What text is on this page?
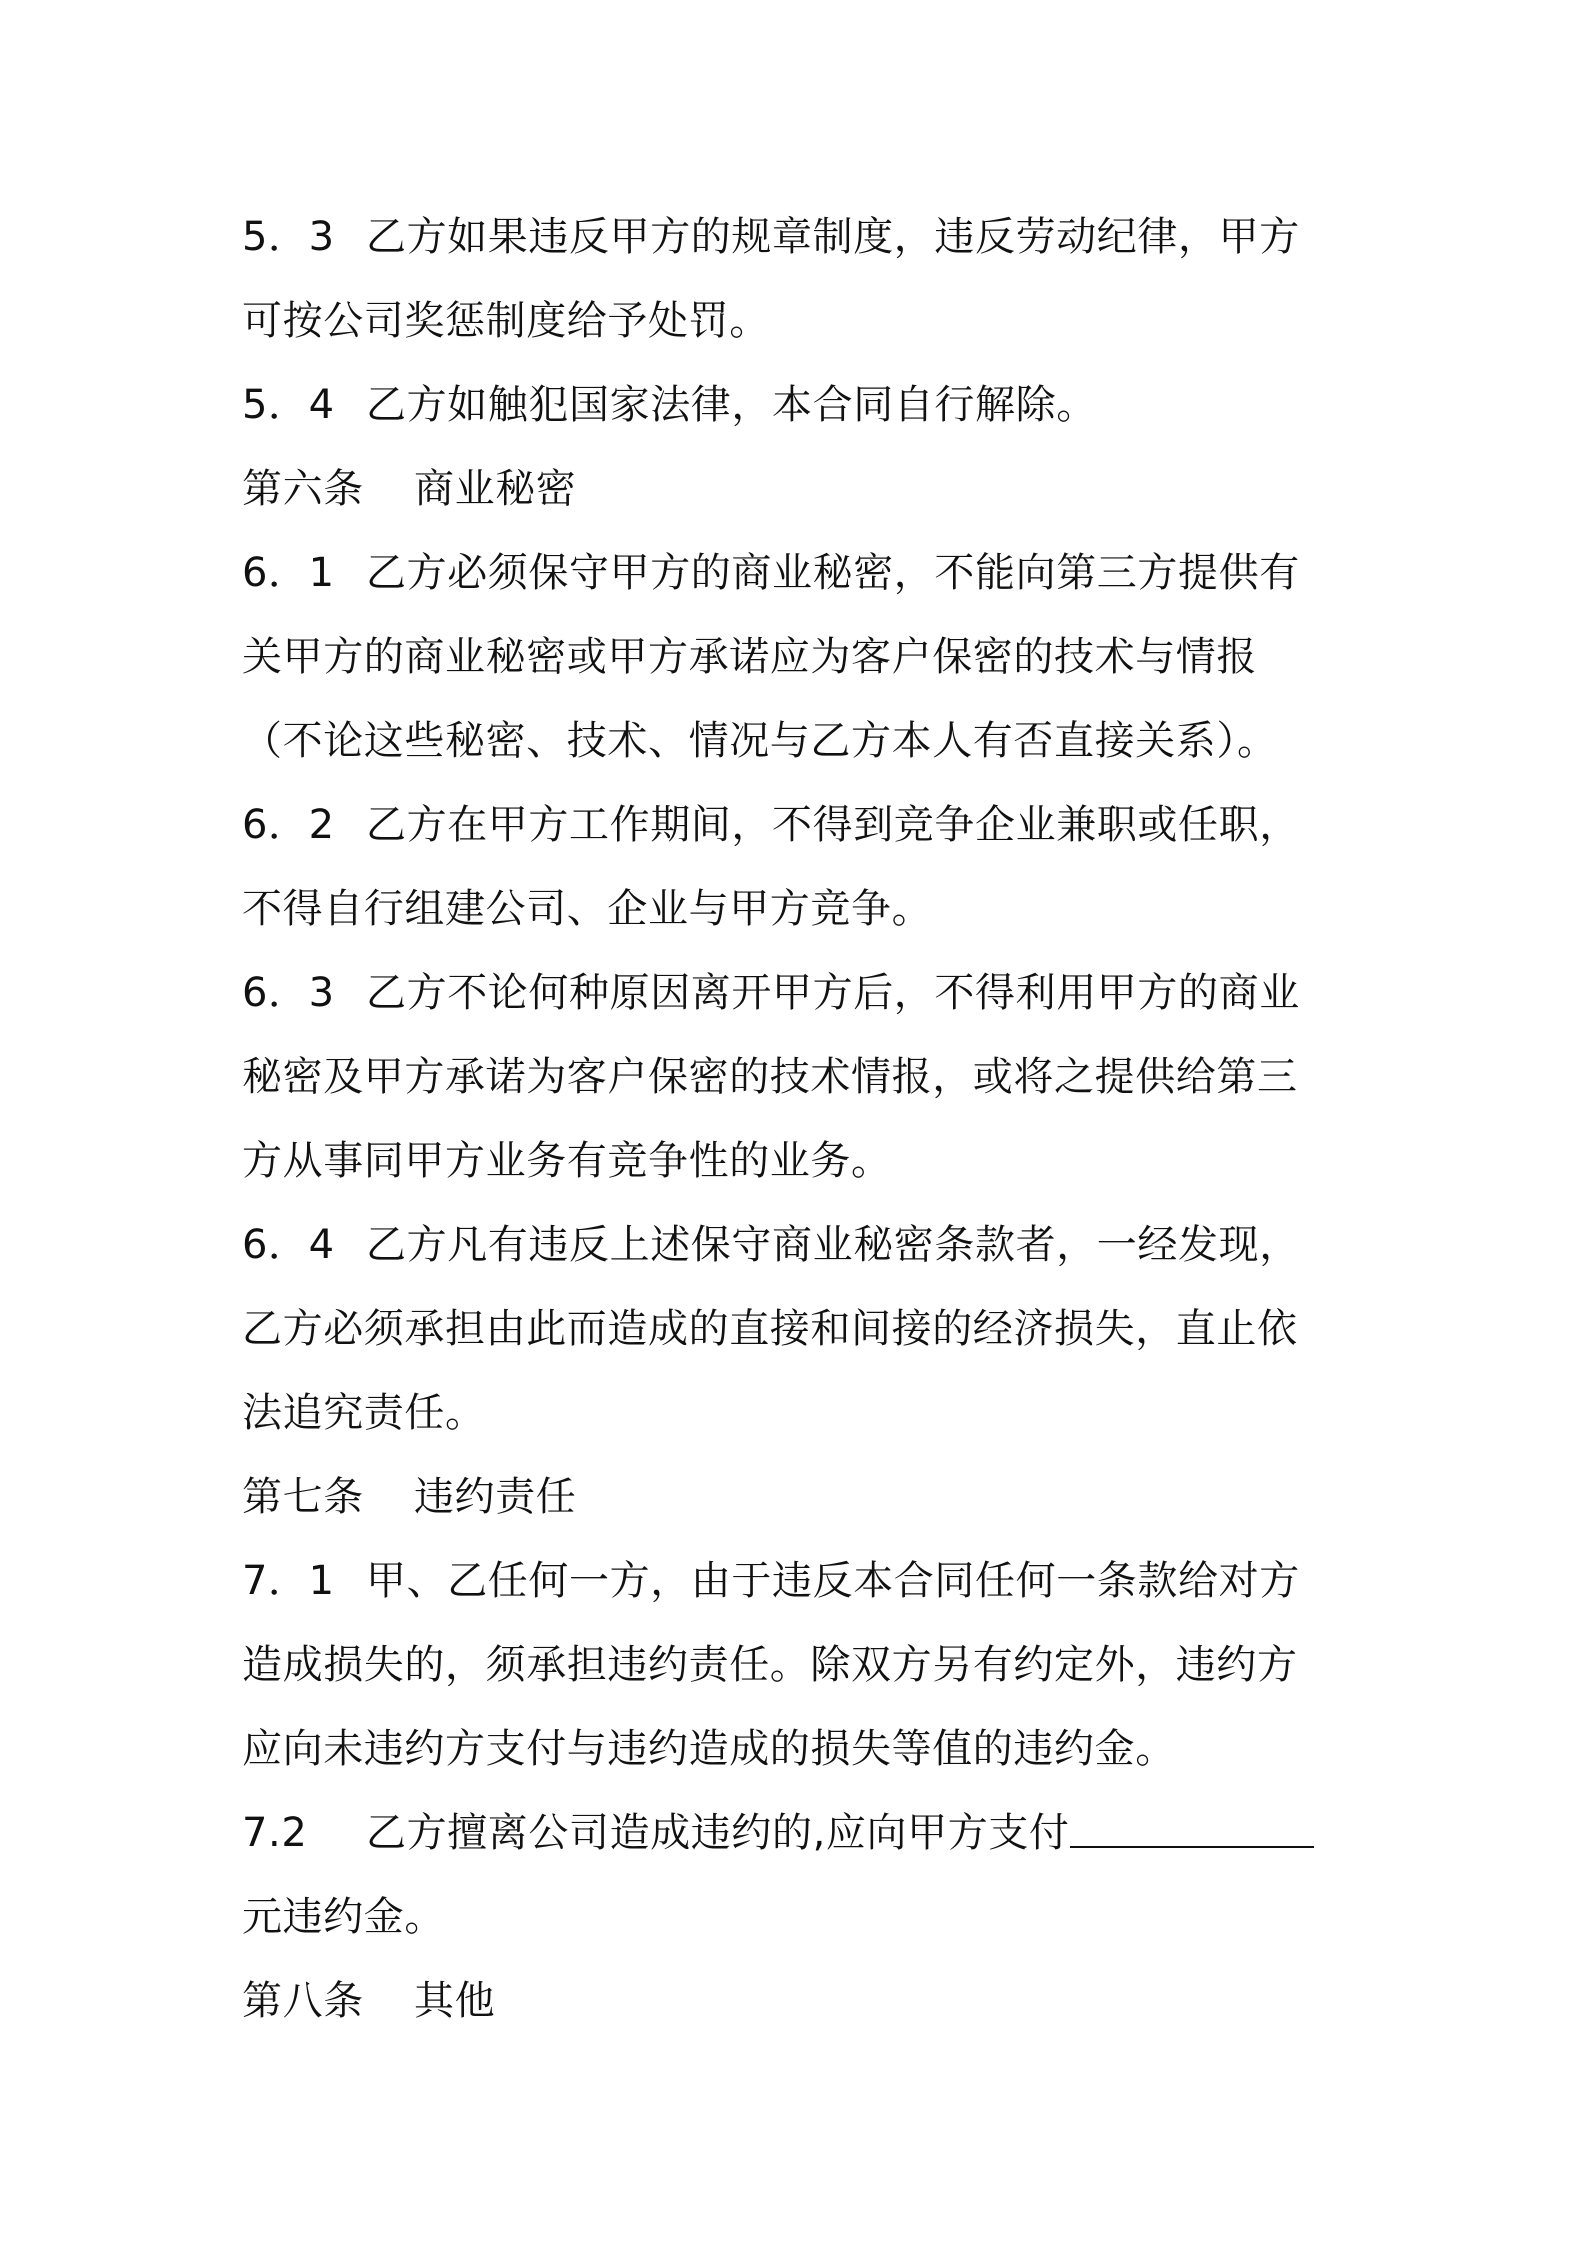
5．3 乙方如果违反甲方的规章制度，违反劳动纪律，甲方
可按公司奖惩制度给予处罚。
5．4 乙方如触犯国家法律，本合同自行解除。
第六条 商业秘密
6．1 乙方必须保守甲方的商业秘密，不能向第三方提供有
关甲方的商业秘密或甲方承诺应为客户保密的技术与情报
（不论这些秘密、技术、情况与乙方本人有否直接关系）。
6．2 乙方在甲方工作期间，不得到竞争企业兼职或任职，
不得自行组建公司、企业与甲方竞争。
6．3 乙方不论何种原因离开甲方后，不得利用甲方的商业
秘密及甲方承诺为客户保密的技术情报，或将之提供给第三
方从事同甲方业务有竞争性的业务。
6．4 乙方凡有违反上述保守商业秘密条款者，一经发现，
乙方必须承担由此而造成的直接和间接的经济损失，直止依
法追究责任。
第七条 违约责任
7．1 甲、乙任何一方，由于违反本合同任何一条款给对方
造成损失的，须承担违约责任。除双方另有约定外，违约方
应向未违约方支付与违约造成的损失等值的违约金。
7.2 乙方擅离公司造成违约的,应向甲方支付
元违约金。
第八条 其他
